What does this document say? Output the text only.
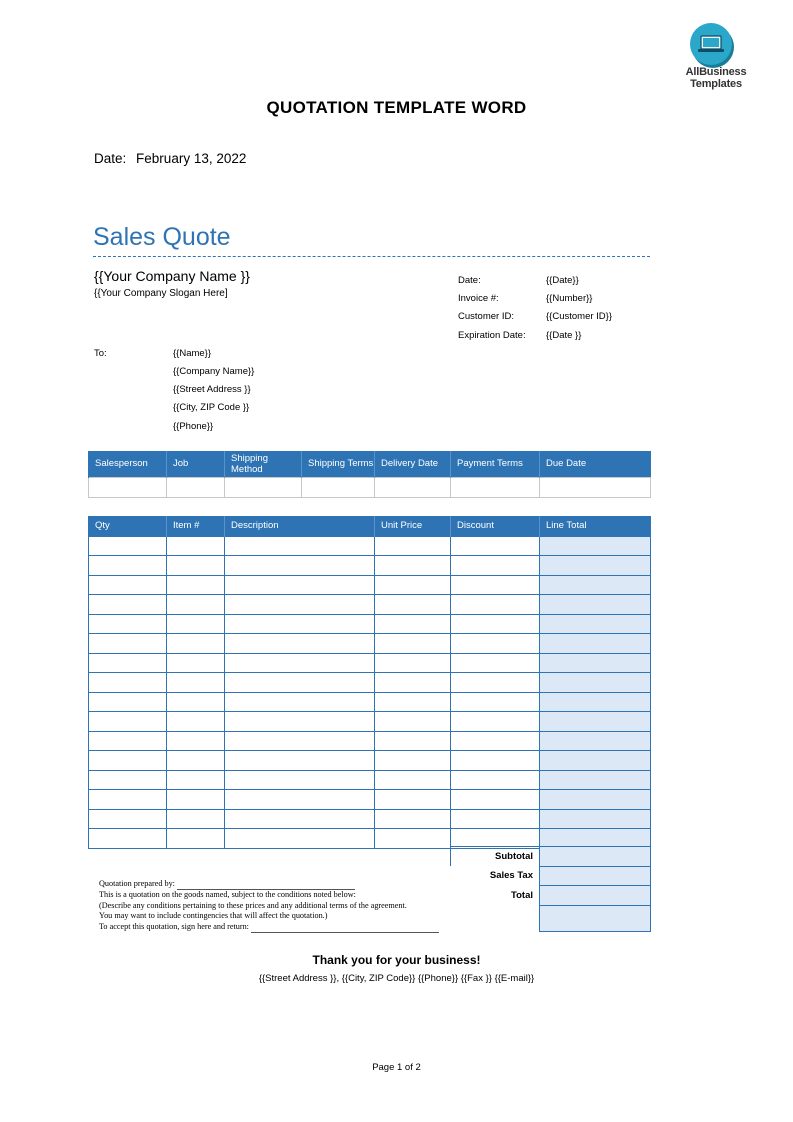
AllBusiness
Templates
QUOTATION TEMPLATE WORD
Date: February 13, 2022
Sales Quote
{{Your Company Name }}
{{Your Company Slogan Here]
Date:	{{Date}}
Invoice #:	{{Number}}
Customer ID:	{{Customer ID}}
Expiration Date: {{Date }}
To:	{{Name}}
{{Company Name}}
{{Street Address }}
{{City, ZIP Code }}
{{Phone}}
Salesperson	Job	Shipping Method	Shipping Terms	Delivery Date	Payment Terms	Due Date

Qty	Item #	Description	Unit Price	Discount	Line Total

Subtotal	
Sales Tax	
Total	

Quotation prepared by:
This is a quotation on the goods named, subject to the conditions noted below:
(Describe any conditions pertaining to these prices and any additional terms of the agreement.
You may want to include contingencies that will affect the quotation.)
To accept this quotation, sign here and return:
Thank you for your business!
{{Street Address }}, {{City, ZIP Code}} {{Phone}} {{Fax }} {{E-mail}}
Page 1 of 2
